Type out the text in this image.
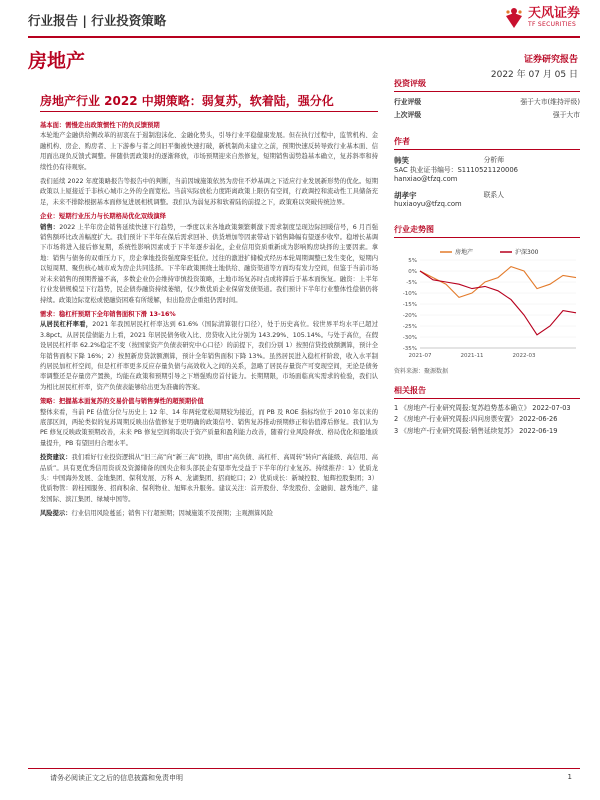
行业报告 | 行业投资策略	天风证券
TF SECURITIES
房地产	证券研究报告
2022 年 07 月 05 日
房地产行业 2022 中期策略：弱复苏，软着陆，强分化
基本面：需慢走出政策惯性下的负反馈预期

本轮地产金融供给侧改革的初衷在于遏制泡沫化、金融化势头，引导行业平稳健康发展。但在执行过程中，监管机构、金融机构、房企、购房者、上下游参与者之间旧平衡被快速打破，新机制尚未建立之前，预期快速反转导致行业基本面、信用面出现负反馈式调整。伴随供需政策时的逐渐释放，市场预期迎来自然修复，短期销售弱势趋基本确立，复苏斜率和持续性仍有待观察。

我们延续 2022 年度策略报告等报告中的判断，当前因城施策依然为房住不炒基调之下适应行业发展新形势的优化。短期政策以上厦接近于非核心城市之外的全面宽松。当前实际放松力度距离政策上限仍有空间，行政调控和流动性工具储备充足，未来不排除根据基本面修复进展相机调整。我们认为弱复苏和软着陆的前提之下，政策难以突破传统边界。

企业：短期行业压力与长期格局优化双线演绎

销售：2022 上半年房企销售延续快速下行趋势，一季度以来各地政策频繁刺激下需求制度呈现边际回暖信号，6 月百强销售额环比改善幅度扩大。我们预计下半年在保后需求回补、供货增加等因素带动下销售降幅有望逐步收窄。稳增长基调下市场将进入接后修复期，系统性影响因素或于下半年逐步弱化，企业信用资质重新成为影响购房块择的主要因素。拿地：销售与债务的双重压力下，房企拿地投资强度降至低位。过往的激进扩储模式经历本轮周期调整已发生变化，短期内以短周期、聚焦核心城市成为房企共同选择。下半年政策围绕土地供给、融资渠道等方面均有发力空间，但鉴于当前市场对未来销售的预期普遍不高，多数企业仍会维持审慎投资策略，土地市场复苏时点或将滞后于基本面恢复。融资：上半年行业发债规模呈下行趋势，民企债券融资持续萎缩，仅少数优质企业保留发债渠道。我们预计下半年行业整体性偿债仍将持续。政策边际宽松或使融资困难有所缓解，但出险房企重组仍需时间。

需求：稳杠杆预期下全年销售面积下滑 13-16%

从居民杠杆率看，2021 年我国居民杠杆率达到 61.6%（国际清算银行口径），处于历史高位。较世界平均水平已超过 3.8pct。从居民偿债能力上看，2021 年居民债务收入比、房贷收入比分别为 143.29%、105.14%。与处于高位，在假设居民杠杆率 62.2%稳定不变（按国家资产负债表研究中心口径）的前提下，我们分别 1）按照信贷投放额测算，预计全年销售面积下降 16%；2）按照新房贷款额测算，预计全年销售面积下降 13%。虽然居民进入稳杠杆阶段，收入水平制约居民加杠杆空间，但是杠杆率更多反应存量负债与高效收入之间的关系，忽略了居民存量资产可变现空间，无论是债务率调整还是存量房产置换，均能在政策和预期引导之下增强购房首付能力。长期期限，市场面临真实需求的检验，我们认为相比居民杠杆率，资产负债表能够给出更为准确的答案。

策略：把握基本面复苏的交易价值与销售弹性的超预期价值

整体来看，当前 PE 估值分位与历史上 12 年、14 年两轮宽松周期较为接近，而 PB 及 ROE 指标均位于 2010 年以来的底部区间，两轮类似的复苏周期反映出估值修复于更明确的政策信号、销售复苏推动预期修正和估值滞后修复。我们认为 PE 修复反映政策预期改善，未来 PB 修复空间将取决于资产质量和盈利能力改善，随着行业风险释放、格局优化和盈地质量提升，PB 有望回归合理水平。

投资建议：我们看好行业投资逻辑从“旧三高”向“新三高”切换，即由“高负债、高杠杆、高周转”转向“高能级、高信用、高品质”。具有更优秀信用资质及资源储备的国央企和头部民企有望率先受益于下半年的行业复苏。持续推荐：1）优质龙头：中国海外发展、金地集团、保利发展、万科 A、龙湖集团、招商蛇口；2）优质成长：新城控股、旭辉控股集团；3）优质物管：碧桂园服务、招商积余、保利物业、旭辉永升服务。建议关注：首开股份、华发股份、金融街、越秀地产、建发国际、滨江集团、绿城中国等。

风险提示：行业信用风险蔓延；销售下行超预期；因城施策不及预期；主观测算风险

投资评级
行业评级	强于大市(维持评级)
上次评级	强于大市
作者
韩笑	分析师
SAC 执业证书编号：S1110521120006
hanxiao@tfzq.com
胡孝宇	联系人
huxiaoyu@tfzq.com
行业走势图
5%
0%
-5%
-10%
-15%
-20%
-25%
-30%
-35%
2021-07	2021-11	2022-03
房地产	沪深300
资料来源：聚源数据
相关报告
1 《房地产-行业研究周报:复苏趋势基本确立》 2022-07-03
2 《房地产-行业研究周报:四问房票安置》 2022-06-26
3 《房地产-行业研究周报:销售延续复苏》 2022-06-19
请务必阅读正文之后的信息披露和免责申明	1
